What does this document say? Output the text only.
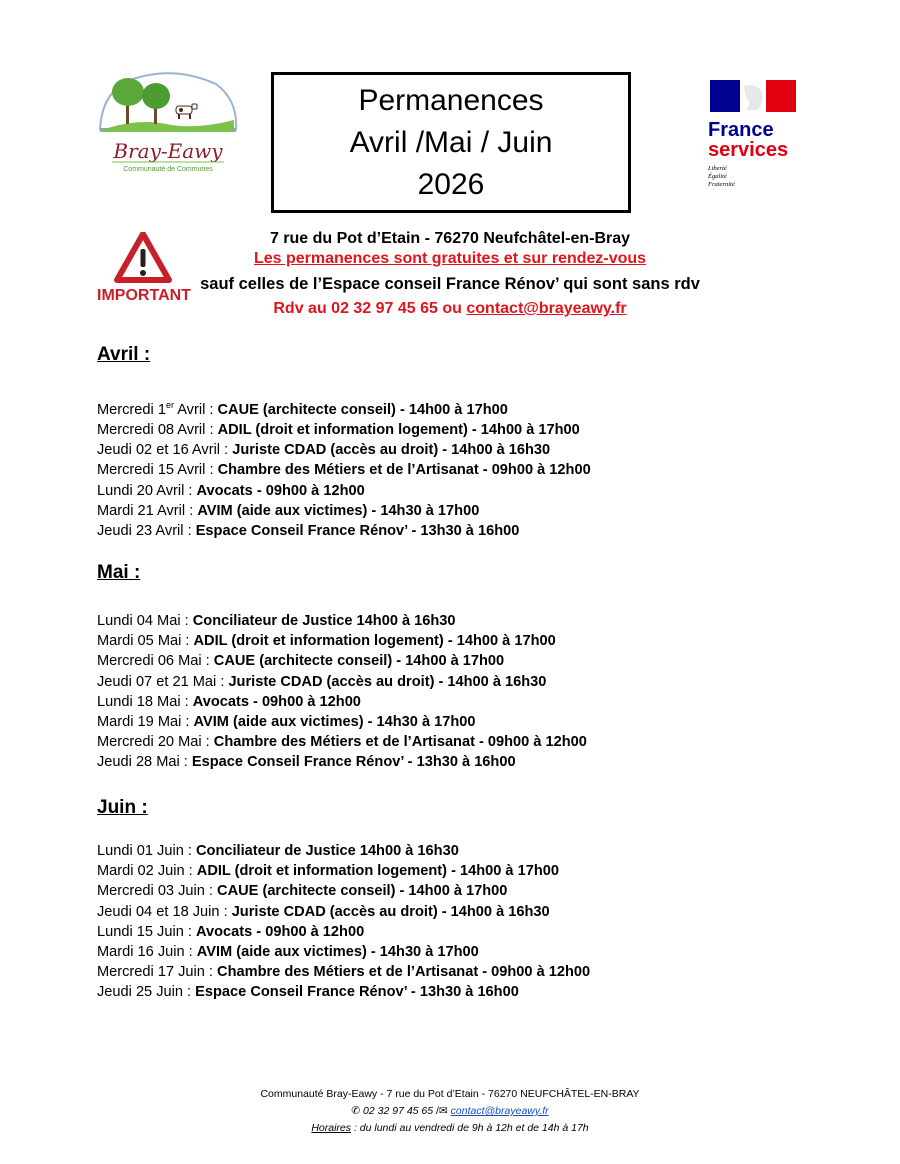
Bray-Eawy
Communauté de Communes
Permanences
Avril /Mai / Juin
2026
France
services
Liberté
Égalité
Fraternité
IMPORTANT
7 rue du Pot d’Etain - 76270 Neufchâtel-en-Bray
Les permanences sont gratuites et sur rendez-vous
sauf celles de l’Espace conseil France Rénov’ qui sont sans rdv
Rdv au 02 32 97 45 65 ou contact@brayeawy.fr
Avril :
Mercredi 1er Avril : CAUE (architecte conseil) - 14h00 à 17h00
Mercredi 08 Avril : ADIL (droit et information logement) - 14h00 à 17h00
Jeudi 02 et 16 Avril : Juriste CDAD (accès au droit) - 14h00 à 16h30
Mercredi 15 Avril : Chambre des Métiers et de l’Artisanat - 09h00 à 12h00
Lundi 20 Avril : Avocats - 09h00 à 12h00
Mardi 21 Avril : AVIM (aide aux victimes) - 14h30 à 17h00
Jeudi 23 Avril : Espace Conseil France Rénov’ - 13h30 à 16h00
Mai :
Lundi 04 Mai : Conciliateur de Justice 14h00 à 16h30
Mardi 05 Mai : ADIL (droit et information logement) - 14h00 à 17h00
Mercredi 06 Mai : CAUE (architecte conseil) - 14h00 à 17h00
Jeudi 07 et 21 Mai : Juriste CDAD (accès au droit) - 14h00 à 16h30
Lundi 18 Mai : Avocats - 09h00 à 12h00
Mardi 19 Mai : AVIM (aide aux victimes) - 14h30 à 17h00
Mercredi 20 Mai : Chambre des Métiers et de l’Artisanat - 09h00 à 12h00
Jeudi 28 Mai : Espace Conseil France Rénov’ - 13h30 à 16h00
Juin :
Lundi 01 Juin : Conciliateur de Justice 14h00 à 16h30
Mardi 02 Juin : ADIL (droit et information logement) - 14h00 à 17h00
Mercredi 03 Juin : CAUE (architecte conseil) - 14h00 à 17h00
Jeudi 04 et 18 Juin : Juriste CDAD (accès au droit) - 14h00 à 16h30
Lundi 15 Juin : Avocats - 09h00 à 12h00
Mardi 16 Juin : AVIM (aide aux victimes) - 14h30 à 17h00
Mercredi 17 Juin : Chambre des Métiers et de l’Artisanat - 09h00 à 12h00
Jeudi 25 Juin : Espace Conseil France Rénov’ - 13h30 à 16h00
Communauté Bray-Eawy - 7 rue du Pot d’Etain - 76270 NEUFCHÂTEL-EN-BRAY
✆ 02 32 97 45 65 /✉ contact@brayeawy.fr
Horaires : du lundi au vendredi de 9h à 12h et de 14h à 17h
